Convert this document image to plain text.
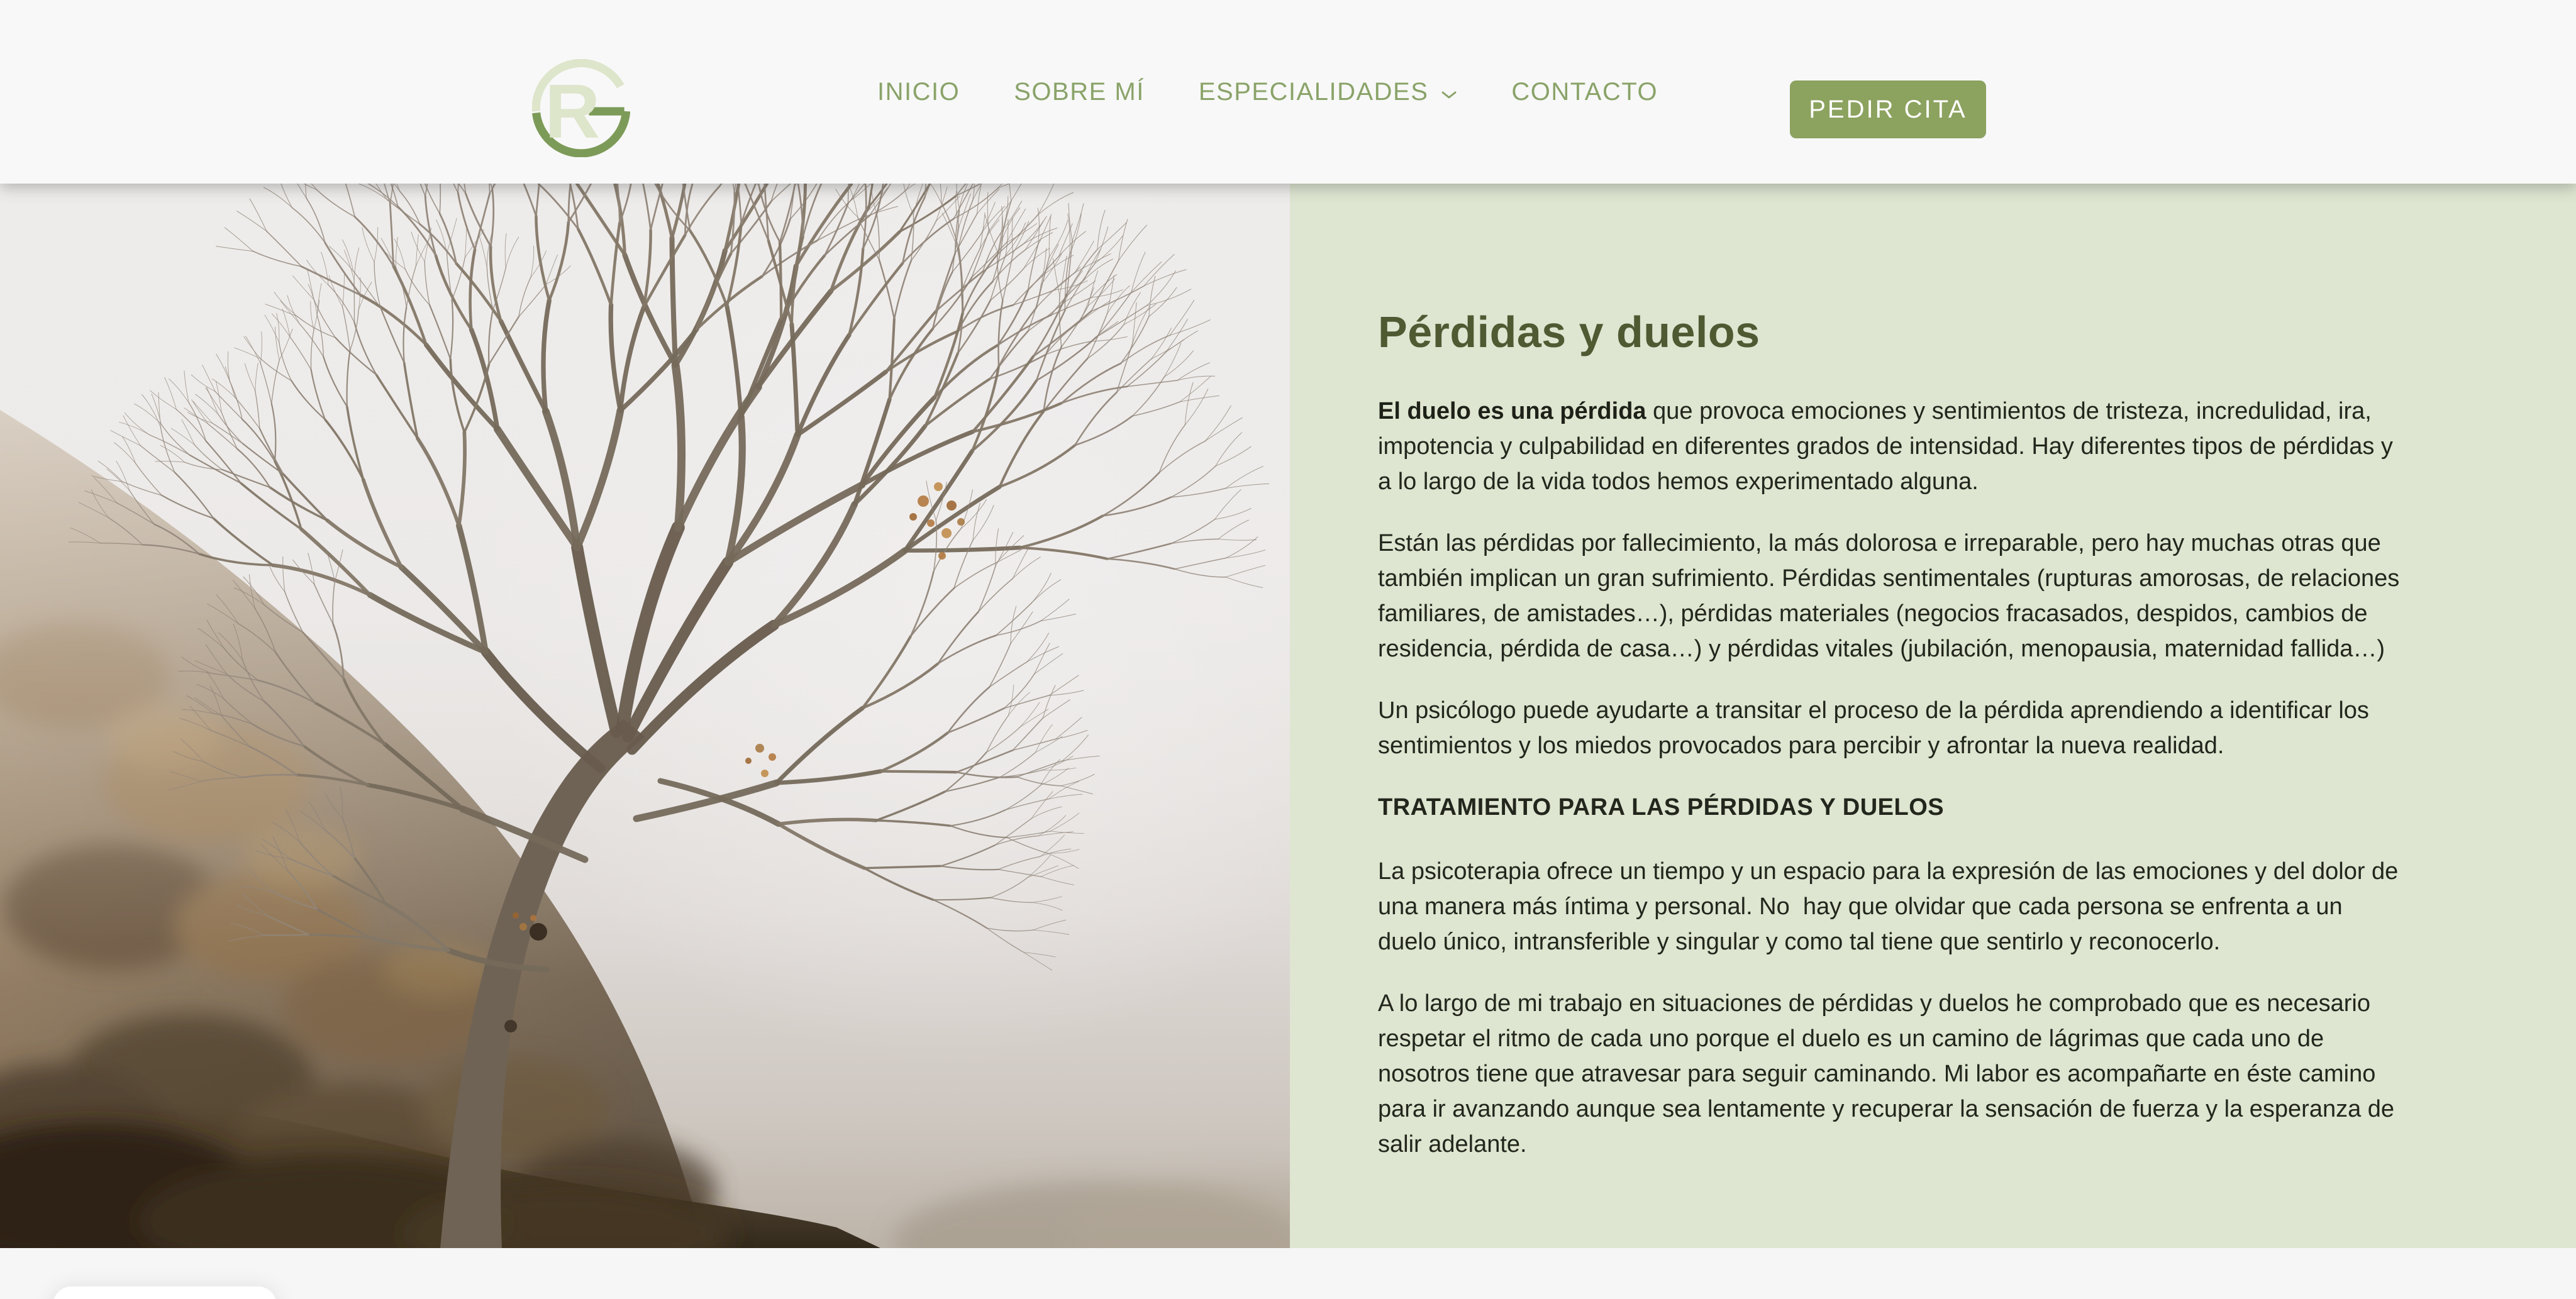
R	INICIO SOBRE MÍ ESPECIALIDADES	CONTACTO
PEDIR CITA
Pérdidas y duelos

El duelo es una pérdida que provoca emociones y sentimientos de tristeza, incredulidad, ira, impotencia y culpabilidad en diferentes grados de intensidad. Hay diferentes tipos de pérdidas y a lo largo de la vida todos hemos experimentado alguna.

Están las pérdidas por fallecimiento, la más dolorosa e irreparable, pero hay muchas otras que también implican un gran sufrimiento. Pérdidas sentimentales (rupturas amorosas, de relaciones familiares, de amistades…), pérdidas materiales (negocios fracasados, despidos, cambios de residencia, pérdida de casa…) y pérdidas vitales (jubilación, menopausia, maternidad fallida…)

Un psicólogo puede ayudarte a transitar el proceso de la pérdida aprendiendo a identificar los sentimientos y los miedos provocados para percibir y afrontar la nueva realidad.

TRATAMIENTO PARA LAS PÉRDIDAS Y DUELOS

La psicoterapia ofrece un tiempo y un espacio para la expresión de las emociones y del dolor de una manera más íntima y personal. No  hay que olvidar que cada persona se enfrenta a un duelo único, intransferible y singular y como tal tiene que sentirlo y reconocerlo.

A lo largo de mi trabajo en situaciones de pérdidas y duelos he comprobado que es necesario respetar el ritmo de cada uno porque el duelo es un camino de lágrimas que cada uno de nosotros tiene que atravesar para seguir caminando. Mi labor es acompañarte en éste camino para ir avanzando aunque sea lentamente y recuperar la sensación de fuerza y la esperanza de salir adelante.
